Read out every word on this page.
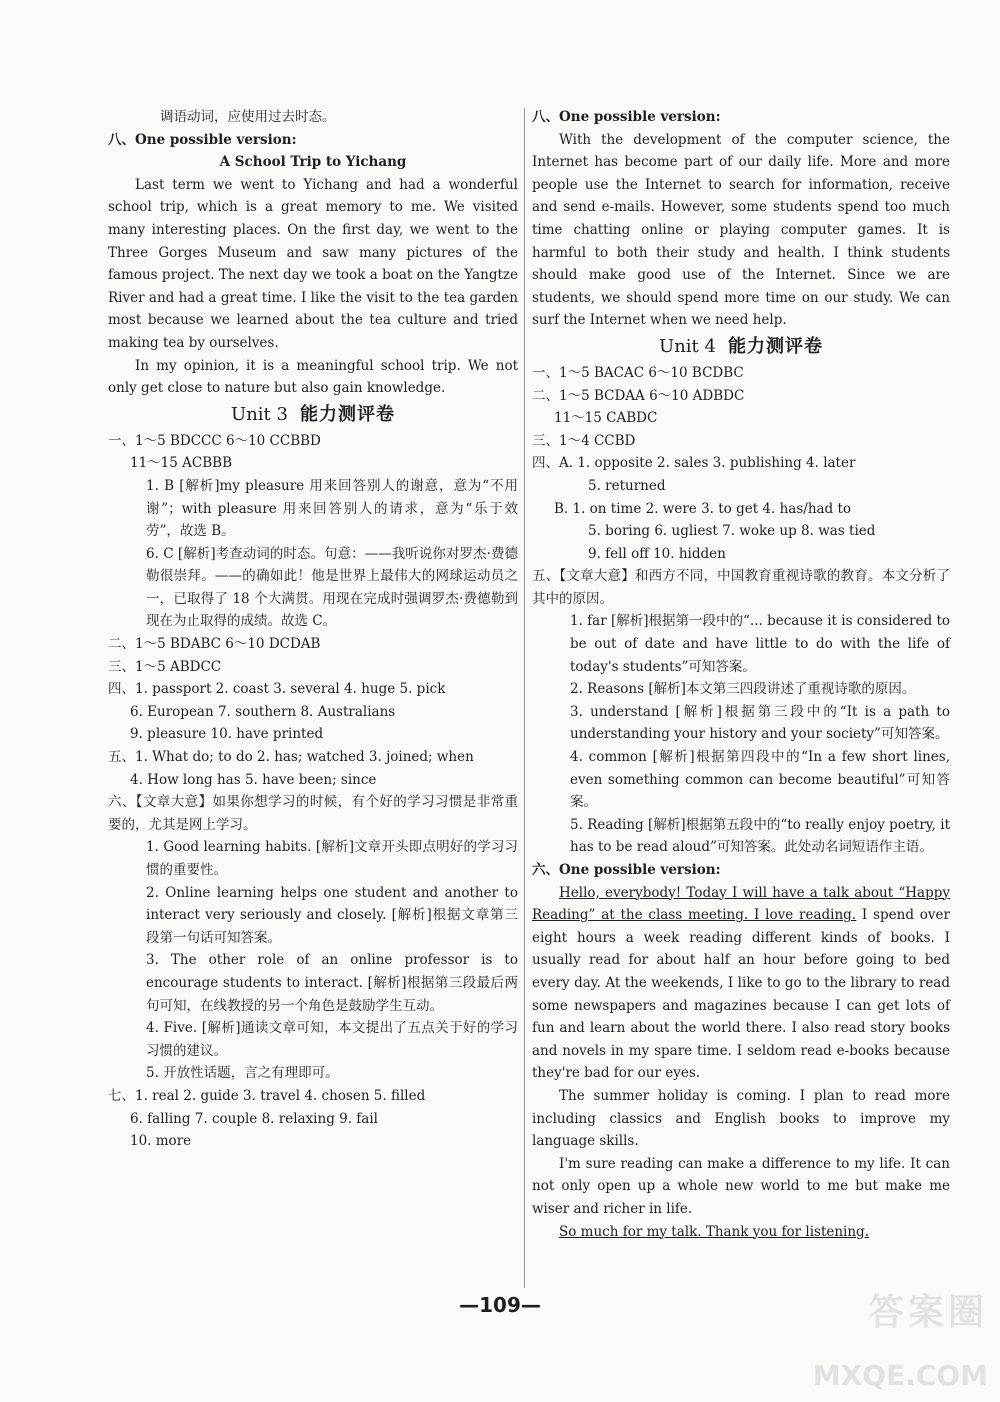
调语动词，应使用过去时态。
八、One possible version:
A School Trip to Yichang
Last term we went to Yichang and had a wonderful school trip, which is a great memory to me. We visited many interesting places. On the first day, we went to the Three Gorges Museum and saw many pictures of the famous project. The next day we took a boat on the Yangtze River and had a great time. I like the visit to the tea garden most because we learned about the tea culture and tried making tea by ourselves.
In my opinion, it is a meaningful school trip. We not only get close to nature but also gain knowledge.
Unit 3 能力测评卷
一、1～5 BDCCC 6～10 CCBBD
11～15 ACBBB
1. B [解析]my pleasure 用来回答别人的谢意，意为“不用谢”；with pleasure 用来回答别人的请求，意为“乐于效劳”，故选 B。
6. C [解析]考查动词的时态。句意：——我听说你对罗杰·费德勒很崇拜。——的确如此！他是世界上最伟大的网球运动员之一，已取得了 18 个大满贯。用现在完成时强调罗杰·费德勒到现在为止取得的成绩。故选 C。
二、1～5 BDABC 6～10 DCDAB
三、1～5 ABDCC
四、1. passport 2. coast 3. several 4. huge 5. pick
6. European 7. southern 8. Australians
9. pleasure 10. have printed
五、1. What do; to do 2. has; watched 3. joined; when
4. How long has 5. have been; since
六、【文章大意】如果你想学习的时候，有个好的学习习惯是非常重要的，尤其是网上学习。
1. Good learning habits. [解析]文章开头即点明好的学习习惯的重要性。
2. Online learning helps one student and another to interact very seriously and closely. [解析]根据文章第三段第一句话可知答案。
3. The other role of an online professor is to encourage students to interact. [解析]根据第三段最后两句可知，在线教授的另一个角色是鼓励学生互动。
4. Five. [解析]通读文章可知，本文提出了五点关于好的学习习惯的建议。
5. 开放性话题，言之有理即可。
七、1. real 2. guide 3. travel 4. chosen 5. filled
6. falling 7. couple 8. relaxing 9. fail
10. more
八、One possible version:
With the development of the computer science, the Internet has become part of our daily life. More and more people use the Internet to search for information, receive and send e-mails. However, some students spend too much time chatting online or playing computer games. It is harmful to both their study and health. I think students should make good use of the Internet. Since we are students, we should spend more time on our study. We can surf the Internet when we need help.
Unit 4 能力测评卷
一、1～5 BACAC 6～10 BCDBC
二、1～5 BCDAA 6～10 ADBDC
11～15 CABDC
三、1～4 CCBD
四、A. 1. opposite 2. sales 3. publishing 4. later
5. returned
B. 1. on time 2. were 3. to get 4. has/had to
5. boring 6. ugliest 7. woke up 8. was tied
9. fell off 10. hidden
五、【文章大意】和西方不同，中国教育重视诗歌的教育。本文分析了其中的原因。
1. far [解析]根据第一段中的“... because it is considered to be out of date and have little to do with the life of today's students”可知答案。
2. Reasons [解析]本文第三四段讲述了重视诗歌的原因。
3. understand [解析]根据第三段中的“It is a path to understanding your history and your society”可知答案。
4. common [解析]根据第四段中的“In a few short lines, even something common can become beautiful”可知答案。
5. Reading [解析]根据第五段中的“to really enjoy poetry, it has to be read aloud”可知答案。此处动名词短语作主语。
六、One possible version:

Hello, everybody! Today I will have a talk about “Happy Reading” at the class meeting. I love reading. I spend over eight hours a week reading different kinds of books. I usually read for about half an hour before going to bed every day. At the weekends, I like to go to the library to read some newspapers and magazines because I can get lots of fun and learn about the world there. I also read story books and novels in my spare time. I seldom read e-books because they're bad for our eyes.

The summer holiday is coming. I plan to read more including classics and English books to improve my language skills.

I'm sure reading can make a difference to my life. It can not only open up a whole new world to me but make me wiser and richer in life.

So much for my talk. Thank you for listening.

—109—	答案圈
MXQE.COM
